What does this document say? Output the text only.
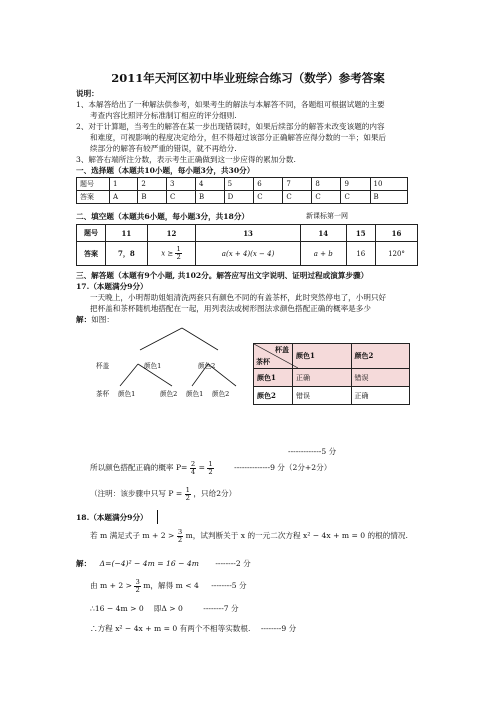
2011年天河区初中毕业班综合练习（数学）参考答案
说明：
1、本解答给出了一种解法供参考，如果考生的解法与本解答不同，各题组可根据试题的主要
考查内容比照评分标准制订相应的评分细则.
2、对于计算题，当考生的解答在某一步出现错误时，如果后续部分的解答未改变该题的内容
和难度，可视影响的程度决定给分，但不得超过该部分正确解答应得分数的一半；如果后
续部分的解答有较严重的错误，就不再给分.
3、解答右端所注分数，表示考生正确做到这一步应得的累加分数.
一、选择题（本题共10小题，每小题3分，共30分）
题号	1	2	3	4	5	6	7	8	9	10
答案	A	B	C	B	D	C	C	C	C	B
二、填空题（本题共6小题，每小题3分，共18分）	新课标第一网
题号	11	12	13	14	15	16
答案	7，8	$x \ge \frac{1}{2}$	a(x + 4)(x − 4)	a + b	16	120°
三、解答题（本题有9个小题, 共102分。解答应写出文字说明、证明过程或演算步骤）
17.（本题满分9分）
一天晚上，小明帮助姐姐清洗两套只有颜色不同的有盖茶杯，此时突然停电了，小明只好
把杯盖和茶杯随机地搭配在一起，用列表法或树形图法求颜色搭配正确的概率是多少
解：如图：
杯盖	颜色1	颜色2
茶杯 颜色1	颜色2 颜色1 颜色2
杯盖
茶杯	颜色1	颜色2
颜色1	正确	错误
颜色2	错误	正确
-------------5 分
所以颜色搭配正确的概率 $P= \frac{2}{4} = \frac{1}{2}$	--------------9 分（2分+2分）
（注明：该步骤中只写 $P = \frac{1}{2}$ ，只给2分）
18.（本题满分9分）
若 m 满足式子 $m + 2 > \frac{3}{2}$ m，试判断关于 x 的一元二次方程 x² − 4x + m = 0 的根的情况.
解： Δ=(−4)² − 4m = 16 − 4m --------2 分
由 $m + 2 > \frac{3}{2}$ m，解得 m < 4 --------5 分
∴16 − 4m > 0　 即Δ > 0	--------7 分
∴方程 x² − 4x + m = 0 有两个不相等实数根. --------9 分
